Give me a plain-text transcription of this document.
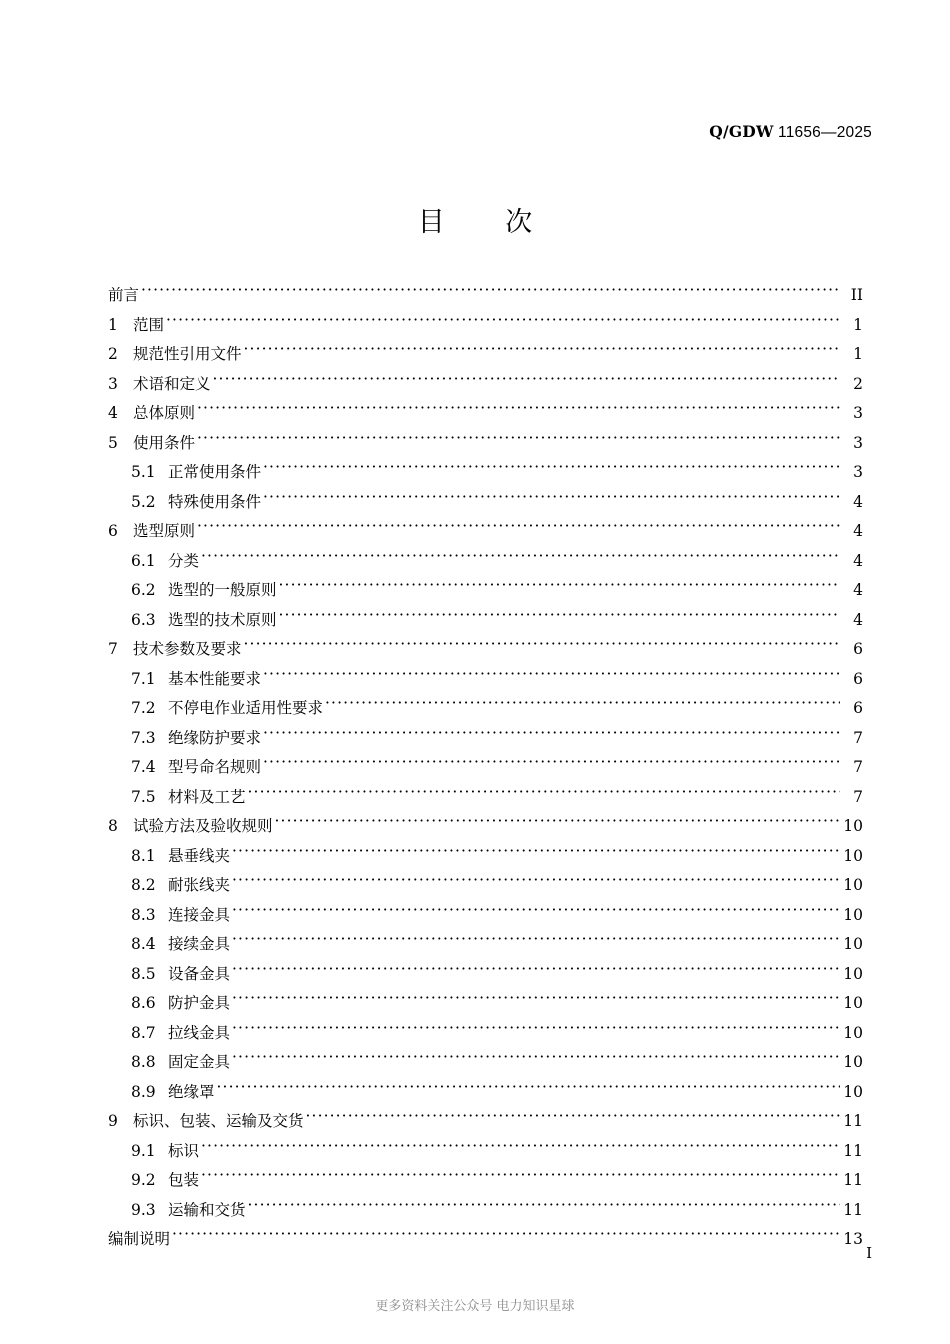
Q/GDW 11656—2025
目 次
前言 ·····	II
1 范围 ·····	1
2 规范性引用文件 ·····	1
3 术语和定义 ·····	2
4 总体原则 ·····	3
5 使用条件 ·····	3
5.1 正常使用条件 ·····	3
5.2 特殊使用条件 ·····	4
6 选型原则 ·····	4
6.1 分类 ·····	4
6.2 选型的一般原则 ·····	4
6.3 选型的技术原则 ·····	4
7 技术参数及要求 ·····	6
7.1 基本性能要求 ·····	6
7.2 不停电作业适用性要求 ·····	6
7.3 绝缘防护要求 ·····	7
7.4 型号命名规则 ·····	7
7.5 材料及工艺 ·····	7
8 试验方法及验收规则 ·····	10
8.1 悬垂线夹 ·····	10
8.2 耐张线夹 ·····	10
8.3 连接金具 ·····	10
8.4 接续金具 ·····	10
8.5 设备金具 ·····	10
8.6 防护金具 ·····	10
8.7 拉线金具 ·····	10
8.8 固定金具 ·····	10
8.9 绝缘罩 ·····	10
9 标识、包装、运输及交货 ·····	11
9.1 标识 ·····	11
9.2 包装 ·····	11
9.3 运输和交货 ·····	11
编制说明 ·····	13
I
更多资料关注公众号 电力知识星球
